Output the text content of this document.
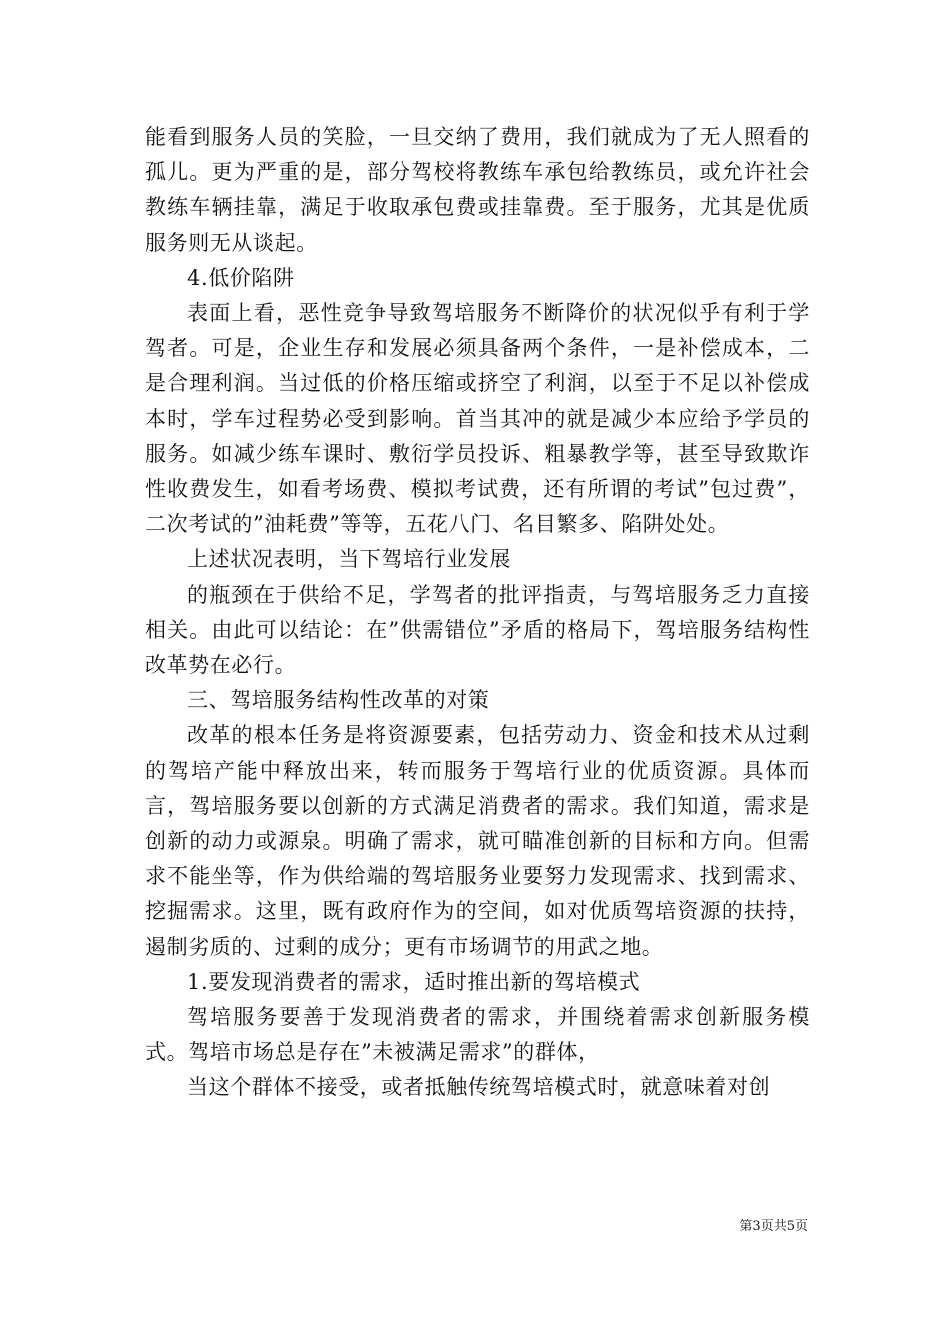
能看到服务人员的笑脸，一旦交纳了费用，我们就成为了无人照看的孤儿。更为严重的是，部分驾校将教练车承包给教练员，或允许社会教练车辆挂靠，满足于收取承包费或挂靠费。至于服务，尤其是优质服务则无从谈起。

4.低价陷阱

表面上看，恶性竞争导致驾培服务不断降价的状况似乎有利于学驾者。可是，企业生存和发展必须具备两个条件，一是补偿成本，二是合理利润。当过低的价格压缩或挤空了利润，以至于不足以补偿成本时，学车过程势必受到影响。首当其冲的就是减少本应给予学员的服务。如减少练车课时、敷衍学员投诉、粗暴教学等，甚至导致欺诈性收费发生，如看考场费、模拟考试费，还有所谓的考试”包过费”，二次考试的”油耗费”等等，五花八门、名目繁多、陷阱处处。

上述状况表明，当下驾培行业发展

的瓶颈在于供给不足，学驾者的批评指责，与驾培服务乏力直接相关。由此可以结论：在”供需错位”矛盾的格局下，驾培服务结构性改革势在必行。

三、驾培服务结构性改革的对策

改革的根本任务是将资源要素，包括劳动力、资金和技术从过剩的驾培产能中释放出来，转而服务于驾培行业的优质资源。具体而言，驾培服务要以创新的方式满足消费者的需求。我们知道，需求是创新的动力或源泉。明确了需求，就可瞄准创新的目标和方向。但需求不能坐等，作为供给端的驾培服务业要努力发现需求、找到需求、挖掘需求。这里，既有政府作为的空间，如对优质驾培资源的扶持，遏制劣质的、过剩的成分；更有市场调节的用武之地。

1.要发现消费者的需求，适时推出新的驾培模式

驾培服务要善于发现消费者的需求，并围绕着需求创新服务模式。驾培市场总是存在”未被满足需求”的群体，

当这个群体不接受，或者抵触传统驾培模式时，就意味着对创

第3页共5页
